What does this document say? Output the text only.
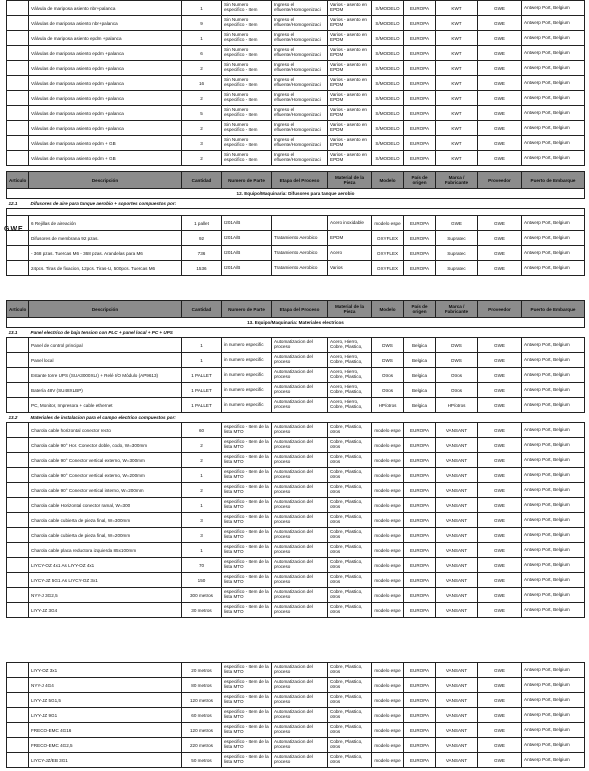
	Válvula de mariposa asiento nbr+palanca	1	Sin Numero especifico - Item	Ingreso el efluente/Homogenizaci	Varios - asento en EPDM	S/MODELO	EUROPA	KWT	GWE	Antwerp Port, Belgium
	Válvulas de mariposa asiento nbr+palanca	9	Sin Numero especifico - Item	Ingreso el efluente/Homogenizaci	Varios - asento en EPDM	S/MODELO	EUROPA	KWT	GWE	Antwerp Port, Belgium
	Válvula de mariposa asiento epdm +palanca	1	Sin Numero especifico - Item	Ingreso el efluente/Homogenizaci	Varios - asento en EPDM	S/MODELO	EUROPA	KWT	GWE	Antwerp Port, Belgium
	Válvulas de mariposa asiento epdm +palanca	6	Sin Numero especifico - Item	Ingreso el efluente/Homogenizaci	Varios - asento en EPDM	S/MODELO	EUROPA	KWT	GWE	Antwerp Port, Belgium
	Válvulas de mariposa asiento epdm +palanca	2	Sin Numero especifico - Item	Ingreso el efluente/Homogenizaci	Varios - asento en EPDM	S/MODELO	EUROPA	KWT	GWE	Antwerp Port, Belgium
	Válvulas de mariposa asiento epdm +palanca	16	Sin Numero especifico - Item	Ingreso el efluente/Homogenizaci	Varios - asento en EPDM	S/MODELO	EUROPA	KWT	GWE	Antwerp Port, Belgium
	Válvulas de mariposa asiento epdm +palanca	2	Sin Numero especifico - Item	Ingreso el efluente/Homogenizaci	Varios - asento en EPDM	S/MODELO	EUROPA	KWT	GWE	Antwerp Port, Belgium
	Válvulas de mariposa asiento epdm +palanca	5	Sin Numero especifico - Item	Ingreso el efluente/Homogenizaci	Varios - asento en EPDM	S/MODELO	EUROPA	KWT	GWE	Antwerp Port, Belgium
	Válvulas de mariposa asiento epdm +palanca	2	Sin Numero especifico - Item	Ingreso el efluente/Homogenizaci	Varios - asento en EPDM	S/MODELO	EUROPA	KWT	GWE	Antwerp Port, Belgium
	Válvulas de mariposa asiento epdm + GB	3	Sin Numero especifico - Item	Ingreso el efluente/Homogenizaci	Varios - asento en EPDM	S/MODELO	EUROPA	KWT	GWE	Antwerp Port, Belgium
	Válvulas de mariposa asiento epdm + GB	2	Sin Numero especifico - Item	Ingreso el efluente/Homogenizaci	Varios - asento en EPDM	S/MODELO	EUROPA	KWT	GWE	Antwerp Port, Belgium
Artículo	Descripción	Cantidad	Numero de Parte	Etapa del Proceso	Material de la Pieza	Modelo	País de origen	Marca / Fabricante	Proveedor	Puerto de Embarque
12. Equipo/Maquinaria: Difusores para tanque aerobio										
12.1	Difusores de aire para tanque aerobio + soportes compuestos por:									

	6 Rejillas de aireación	1 pallet	I201A/B		Acero inoxidable	modelo espe	EUROPA	GWE	GWE	Antwerp Port, Belgium
	Difusores de membrana 92 pzas.	92	I201A/B	Tratamiento Aerobico	EPDM	OXYFLEX	EUROPA	Supratec	GWE	Antwerp Port, Belgium
	- 368 pzas. Tuercas M6 - 368 pzas. Arandelas para M6	736	I201A/B	Tratamiento Aerobico	Acero	OXYFLEX	EUROPA	Supratec	GWE	Antwerp Port, Belgium
	24pcs. Tiras de fixacion, 12pcs. Tiras-U, 500pcs. Tuercas M6	1536	I201A/B	Tratamiento Aerobico	Varios	OXYFLEX	EUROPA	Supratec	GWE	Antwerp Port, Belgium
GWE
Artículo	Descripción	Cantidad	Numero de Parte	Etapa del Proceso	Material de la Pieza	Modelo	País de origen	Marca / Fabricante	Proveedor	Puerto de Embarque
13. Equipo/Maquinaria: Materiales electricos										
13.1	Panel electrico de baja tension con PLC + panel local + PC + UPS									
	Panel de control principal	1	in numero especific	Automatizacion del proceso	Acero, Hierro, Cobre, Plastico,	DWS	Belgica	DWS	GWE	Antwerp Port, Belgium
	Panel local	1	in numero especific	Automatizacion del proceso	Acero, Hierro, Cobre, Plastico,	DWS	Belgica	DWS	GWE	Antwerp Port, Belgium
	Estante torre UPS (SUA3000XLI) + Relé I/O Módulo (AP9613)	1 PALLET	in numero especific	Automatizacion del proceso	Acero, Hierro, Cobre, Plastico,	Otros	Belgica	Otros	GWE	Antwerp Port, Belgium
	Batería 48V (SU48XLBP)	1 PALLET	in numero especific	Automatizacion del proceso	Acero, Hierro, Cobre, Plastico,	Otros	Belgica	Otros	GWE	Antwerp Port, Belgium
	PC, Monitor, Impresora + cable ethernet	1 PALLET	in numero especific	Automatizacion del proceso	Acero, Hierro, Cobre, Plastico,	HP/otros	Belgica	HP/otros	GWE	Antwerp Port, Belgium
13.2	Materiales de instalacion para el campo electrico compuestos por:									
	Charola cable horizontal conector recto	60	especifico - Item de la lista MTO	Automatizacion del proceso	Cobre, Plastico, otros	modelo espe	EUROPA	VANSANT	GWE	Antwerp Port, Belgium
	Charola cable 90° Hor. Conector doble, codo, W=300mm	2	especifico - Item de la lista MTO	Automatizacion del proceso	Cobre, Plastico, otros	modelo espe	EUROPA	VANSANT	GWE	Antwerp Port, Belgium
	Charola cable 90° Conector vertical externo, W=300mm	2	especifico - Item de la lista MTO	Automatizacion del proceso	Cobre, Plastico, otros	modelo espe	EUROPA	VANSANT	GWE	Antwerp Port, Belgium
	Charola cable 90° Conector vertical externo, W=200mm	1	especifico - Item de la lista MTO	Automatizacion del proceso	Cobre, Plastico, otros	modelo espe	EUROPA	VANSANT	GWE	Antwerp Port, Belgium
	Charola cable 90° Conector vertical interno, W=200mm	2	especifico - Item de la lista MTO	Automatizacion del proceso	Cobre, Plastico, otros	modelo espe	EUROPA	VANSANT	GWE	Antwerp Port, Belgium
	Charola cable Horizontal conector ramal, W=300	1	especifico - Item de la lista MTO	Automatizacion del proceso	Cobre, Plastico, otros	modelo espe	EUROPA	VANSANT	GWE	Antwerp Port, Belgium
	Charola cable cubierta de pieza final, W=300mm	3	especifico - Item de la lista MTO	Automatizacion del proceso	Cobre, Plastico, otros	modelo espe	EUROPA	VANSANT	GWE	Antwerp Port, Belgium
	Charola cable cubierta de pieza final, W=200mm	3	especifico - Item de la lista MTO	Automatizacion del proceso	Cobre, Plastico, otros	modelo espe	EUROPA	VANSANT	GWE	Antwerp Port, Belgium
	Charola cable placa reductora izquierda 85x100mm	1	especifico - Item de la lista MTO	Automatizacion del proceso	Cobre, Plastico, otros	modelo espe	EUROPA	VANSANT	GWE	Antwerp Port, Belgium
	LIYCY-OZ 4x1 As LIYY-OZ 4x1	70	especifico - Item de la lista MTO	Automatizacion del proceso	Cobre, Plastico, otros	modelo espe	EUROPA	VANSANT	GWE	Antwerp Port, Belgium
	LIYCY-JZ 5G1.As LIYCY-OZ 3x1	150	especifico - Item de la lista MTO	Automatizacion del proceso	Cobre, Plastico, otros	modelo espe	EUROPA	VANSANT	GWE	Antwerp Port, Belgium
	NYY-J 3G2,5	300 metros	especifico - Item de la lista MTO	Automatizacion del proceso	Cobre, Plastico, otros	modelo espe	EUROPA	VANSANT	GWE	Antwerp Port, Belgium
	LIYY-JZ 3G4	30 metros	especifico - Item de la lista MTO	Automatizacion del proceso	Cobre, Plastico, otros	modelo espe	EUROPA	VANSANT	GWE	Antwerp Port, Belgium
	LIYY-OZ 3x1	20 metros	especifico - Item de la lista MTO	Automatizacion del proceso	Cobre, Plastico, otros	modelo espe	EUROPA	VANSANT	GWE	Antwerp Port, Belgium
	NYY-J 4G4	80 metros	especifico - Item de la lista MTO	Automatizacion del proceso	Cobre, Plastico, otros	modelo espe	EUROPA	VANSANT	GWE	Antwerp Port, Belgium
	LIYY-JZ 5G1,5	120 metros	especifico - Item de la lista MTO	Automatizacion del proceso	Cobre, Plastico, otros	modelo espe	EUROPA	VANSANT	GWE	Antwerp Port, Belgium
	LIYY-JZ 9G1	60 metros	especifico - Item de la lista MTO	Automatizacion del proceso	Cobre, Plastico, otros	modelo espe	EUROPA	VANSANT	GWE	Antwerp Port, Belgium
	FRECO-EMC 4G16	120 metros	especifico - Item de la lista MTO	Automatizacion del proceso	Cobre, Plastico, otros	modelo espe	EUROPA	VANSANT	GWE	Antwerp Port, Belgium
	FRECO-EMC 4G2,5	220 metros	especifico - Item de la lista MTO	Automatizacion del proceso	Cobre, Plastico, otros	modelo espe	EUROPA	VANSANT	GWE	Antwerp Port, Belgium
	LIYCY-JZ/EB 3G1	50 metros	especifico - Item de la lista MTO	Automatizacion del proceso	Cobre, Plastico, otros	modelo espe	EUROPA	VANSANT	GWE	Antwerp Port, Belgium
